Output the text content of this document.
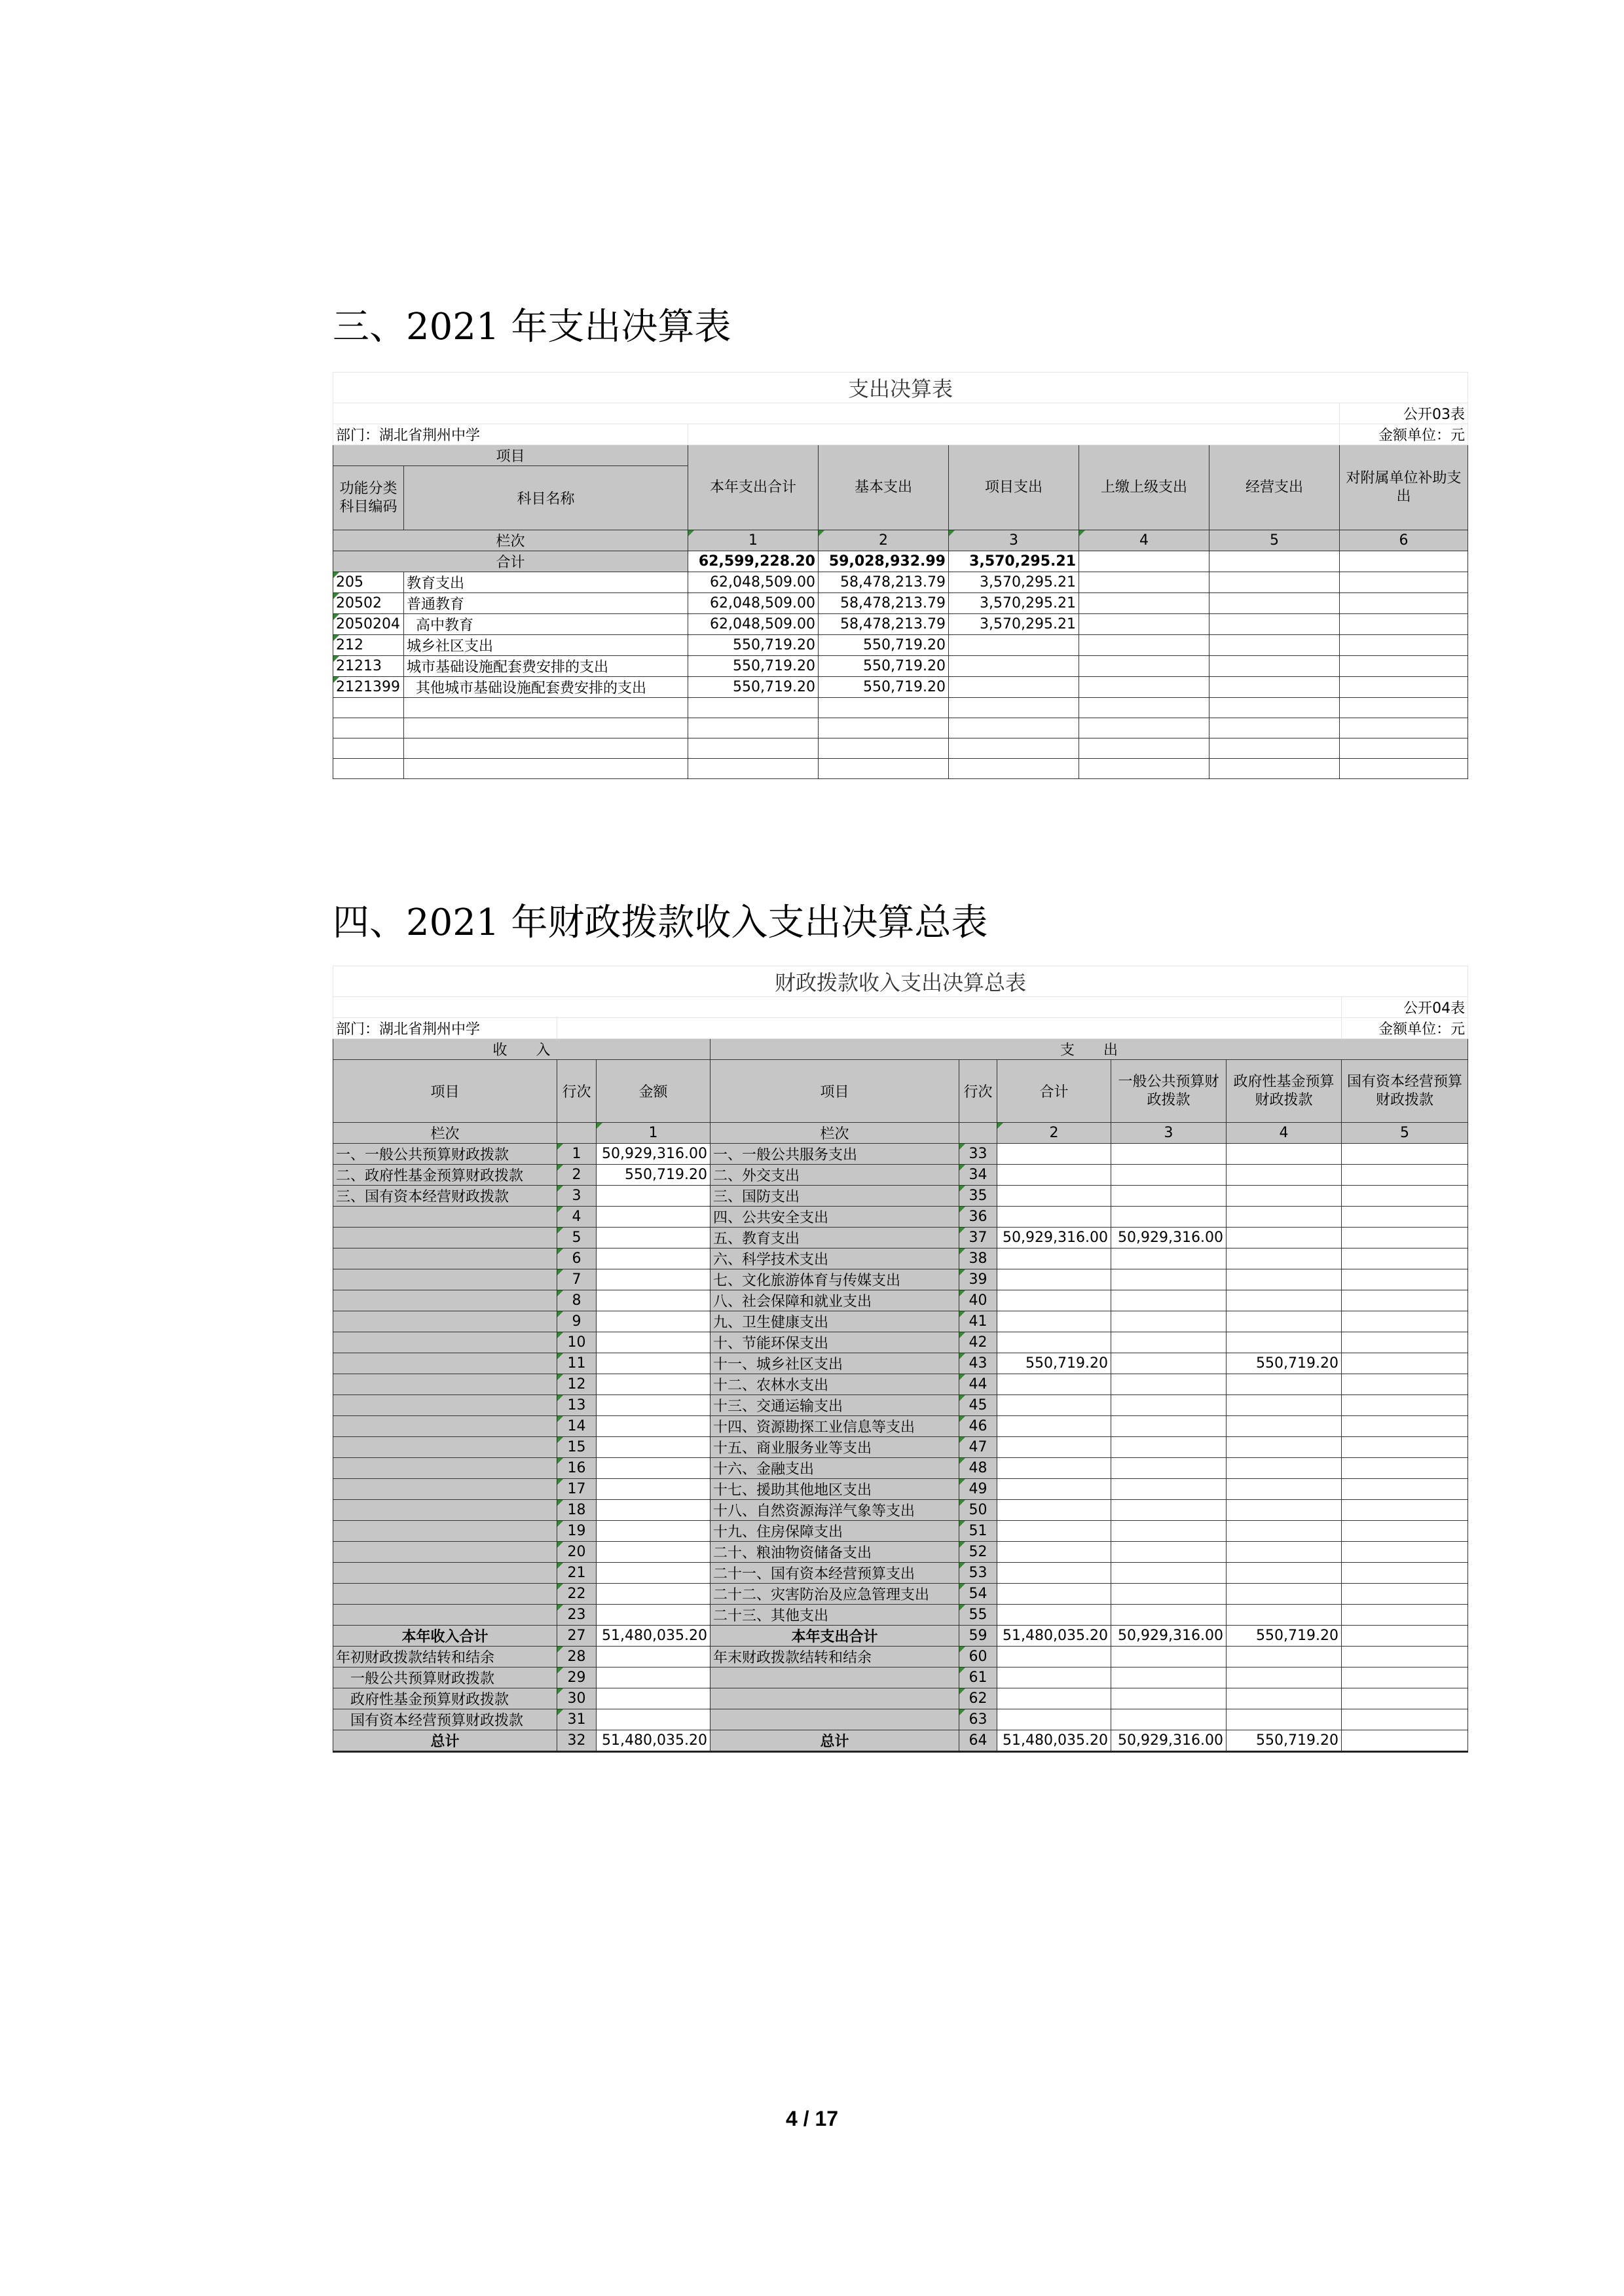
三、2021 年支出决算表
支出决算表							
							公开03表
部门：湖北省荆州中学							金额单位：元
项目		本年支出合计	基本支出	项目支出	上缴上级支出	经营支出	对附属单位补助支出
功能分类
科目编码	科目名称						
栏次		1	2	3	4	5	6
合计		62,599,228.20	59,028,932.99	3,570,295.21			
205	教育支出	62,048,509.00	58,478,213.79	3,570,295.21			
20502	普通教育	62,048,509.00	58,478,213.79	3,570,295.21			
2050204	高中教育	62,048,509.00	58,478,213.79	3,570,295.21			
212	城乡社区支出	550,719.20	550,719.20				
21213	城市基础设施配套费安排的支出	550,719.20	550,719.20				
2121399	其他城市基础设施配套费安排的支出	550,719.20	550,719.20				

四、2021 年财政拨款收入支出决算总表
财政拨款收入支出决算总表								
								公开04表
部门：湖北省荆州中学								金额单位：元
收　　入			支　　出					
项目	行次	金额	项目	行次	合计	一般公共预算财政拨款	政府性基金预算财政拨款	国有资本经营预算财政拨款
栏次		1	栏次		2	3	4	5
一、一般公共预算财政拨款	1	50,929,316.00	一、一般公共服务支出	33				
二、政府性基金预算财政拨款	2	550,719.20	二、外交支出	34				
三、国有资本经营财政拨款	3		三、国防支出	35				
	4		四、公共安全支出	36				
	5		五、教育支出	37	50,929,316.00	50,929,316.00		
	6		六、科学技术支出	38				
	7		七、文化旅游体育与传媒支出	39				
	8		八、社会保障和就业支出	40				
	9		九、卫生健康支出	41				
	10		十、节能环保支出	42				
	11		十一、城乡社区支出	43	550,719.20		550,719.20	
	12		十二、农林水支出	44				
	13		十三、交通运输支出	45				
	14		十四、资源勘探工业信息等支出	46				
	15		十五、商业服务业等支出	47				
	16		十六、金融支出	48				
	17		十七、援助其他地区支出	49				
	18		十八、自然资源海洋气象等支出	50				
	19		十九、住房保障支出	51				
	20		二十、粮油物资储备支出	52				
	21		二十一、国有资本经营预算支出	53				
	22		二十二、灾害防治及应急管理支出	54				
	23		二十三、其他支出	55				
本年收入合计	27	51,480,035.20	本年支出合计	59	51,480,035.20	50,929,316.00	550,719.20	
年初财政拨款结转和结余	28		年末财政拨款结转和结余	60				
　一般公共预算财政拨款	29			61				
　政府性基金预算财政拨款	30			62				
　国有资本经营预算财政拨款	31			63				
总计	32	51,480,035.20	总计	64	51,480,035.20	50,929,316.00	550,719.20	
4 / 17
